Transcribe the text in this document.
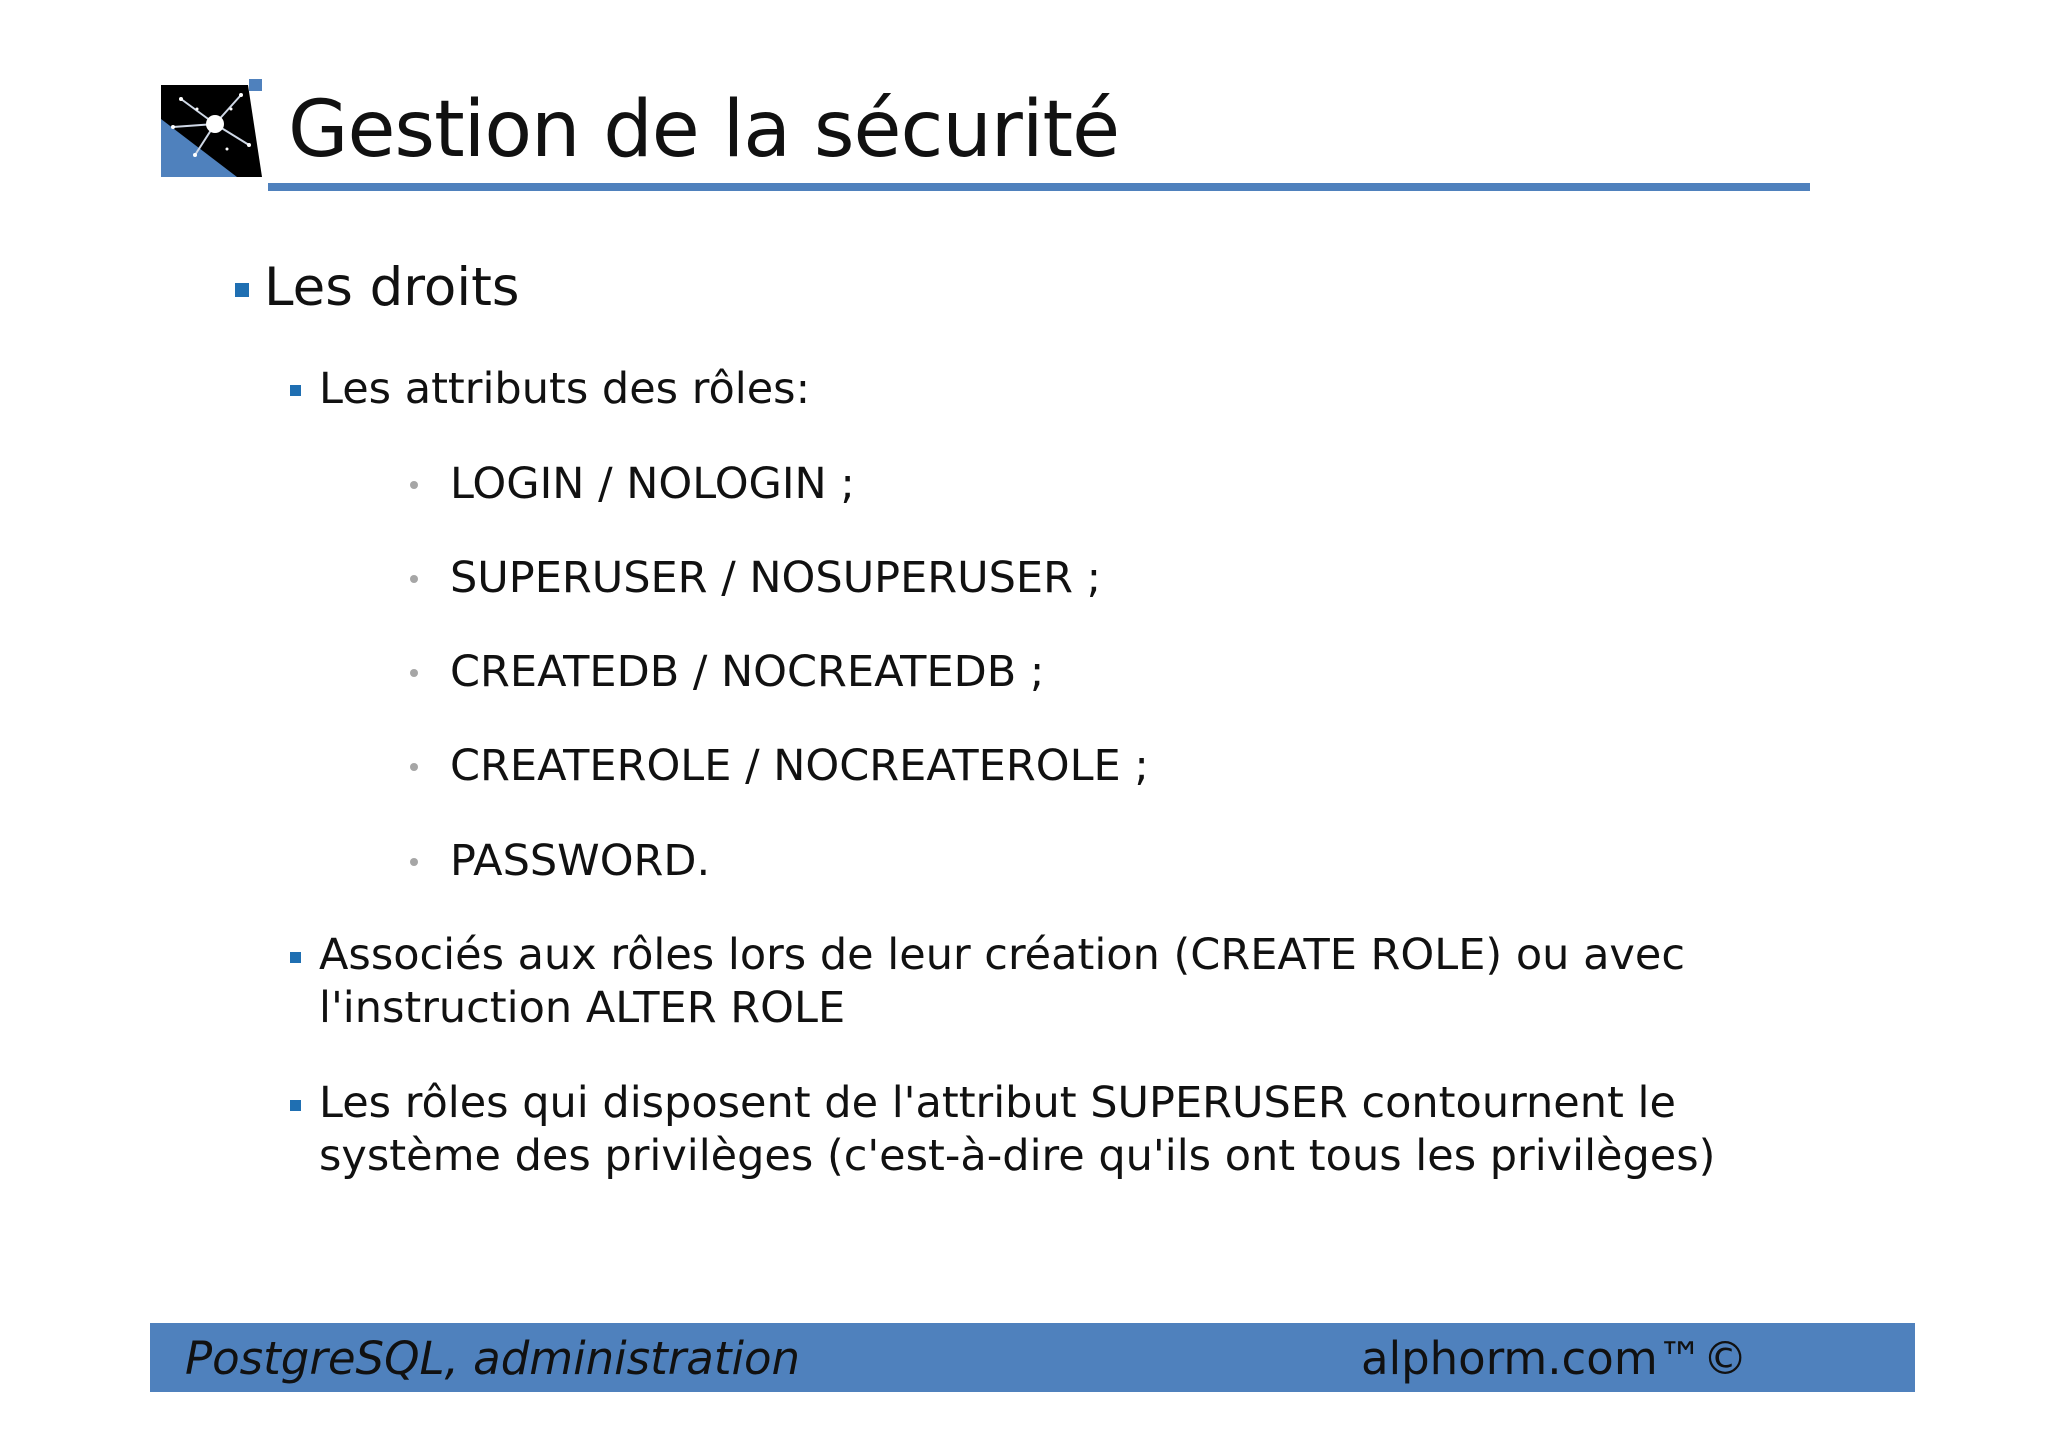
Gestion de la sécurité
Les droits
Les attributs des rôles:
LOGIN / NOLOGIN ;
SUPERUSER / NOSUPERUSER ;
CREATEDB / NOCREATEDB ;
CREATEROLE / NOCREATEROLE ;
PASSWORD.
Associés aux rôles lors de leur création (CREATE ROLE) ou avec
l'instruction ALTER ROLE
Les rôles qui disposent de l'attribut SUPERUSER contournent le
système des privilèges (c'est-à-dire qu'ils ont tous les privilèges)
PostgreSQL, administration	alphorm.com™©
